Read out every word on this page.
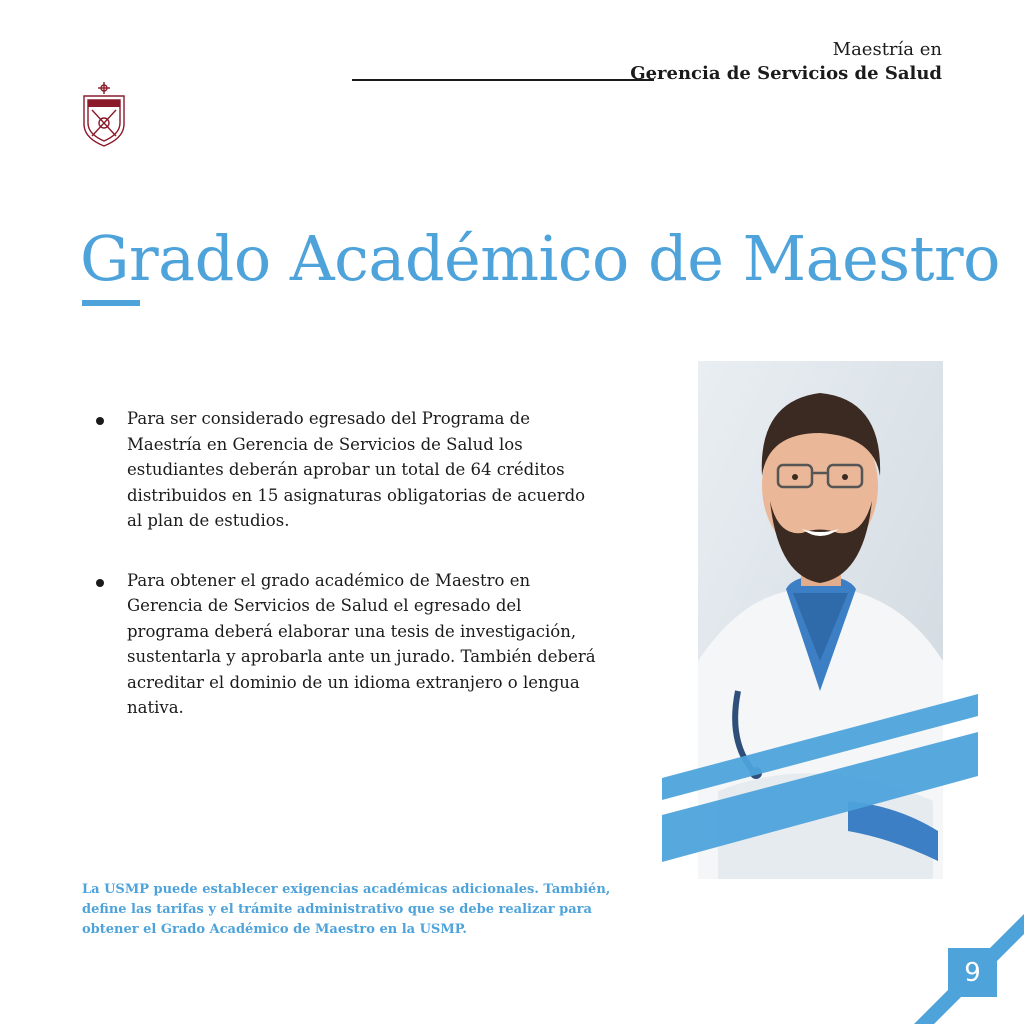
Maestría en
Gerencia de Servicios de Salud
Grado Académico de Maestro
Para ser considerado egresado del Programa de Maestría en Gerencia de Servicios de Salud los estudiantes deberán aprobar un total de 64 créditos distribuidos en 15 asignaturas obligatorias de acuerdo al plan de estudios.
Para obtener el grado académico de Maestro en Gerencia de Servicios de Salud el egresado del programa deberá elaborar una tesis de investigación, sustentarla y aprobarla ante un jurado. También deberá acreditar el dominio de un idioma extranjero o lengua nativa.
La USMP puede establecer exigencias académicas adicionales. También, define las tarifas y el trámite administrativo que se debe realizar para obtener el Grado Académico de Maestro en la USMP.
9
